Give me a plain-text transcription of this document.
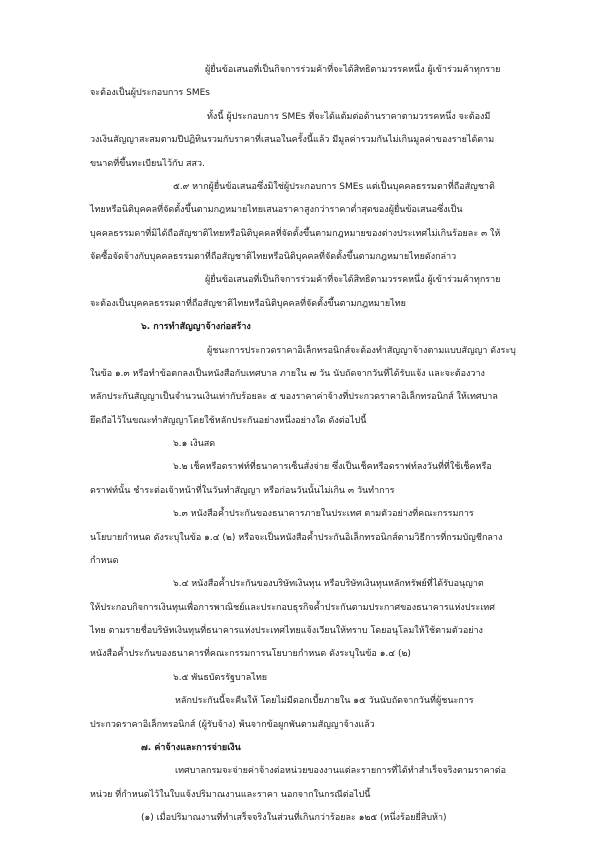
ผู้ยื่นข้อเสนอที่เป็นกิจการร่วมค้าที่จะได้สิทธิตามวรรคหนึ่ง ผู้เข้าร่วมค้าทุกราย
จะต้องเป็นผู้ประกอบการ SMEs
ทั้งนี้ ผู้ประกอบการ SMEs ที่จะได้แต้มต่อด้านราคาตามวรรคหนึ่ง จะต้องมี
วงเงินสัญญาสะสมตามปีปฏิทินรวมกับราคาที่เสนอในครั้งนี้แล้ว มีมูลค่ารวมกันไม่เกินมูลค่าของรายได้ตาม
ขนาดที่ขึ้นทะเบียนไว้กับ สสว.
๕.๙ หากผู้ยื่นข้อเสนอซึ่งมิใช่ผู้ประกอบการ SMEs แต่เป็นบุคคลธรรมดาที่ถือสัญชาติ
ไทยหรือนิติบุคคลที่จัดตั้งขึ้นตามกฎหมายไทยเสนอราคาสูงกว่าราคาต่ำสุดของผู้ยื่นข้อเสนอซึ่งเป็น
บุคคลธรรมดาที่มิได้ถือสัญชาติไทยหรือนิติบุคคลที่จัดตั้งขึ้นตามกฎหมายของต่างประเทศไม่เกินร้อยละ ๓ ให้
จัดซื้อจัดจ้างกับบุคคลธรรมดาที่ถือสัญชาติไทยหรือนิติบุคคลที่จัดตั้งขึ้นตามกฎหมายไทยดังกล่าว
ผู้ยื่นข้อเสนอที่เป็นกิจการร่วมค้าที่จะได้สิทธิตามวรรคหนึ่ง ผู้เข้าร่วมค้าทุกราย
จะต้องเป็นบุคคลธรรมดาที่ถือสัญชาติไทยหรือนิติบุคคลที่จัดตั้งขึ้นตามกฎหมายไทย
๖. การทำสัญญาจ้างก่อสร้าง
ผู้ชนะการประกวดราคาอิเล็กทรอนิกส์จะต้องทำสัญญาจ้างตามแบบสัญญา ดังระบุ
ในข้อ ๑.๓ หรือทำข้อตกลงเป็นหนังสือกับเทศบาล ภายใน ๗ วัน นับถัดจากวันที่ได้รับแจ้ง และจะต้องวาง
หลักประกันสัญญาเป็นจำนวนเงินเท่ากับร้อยละ ๕ ของราคาค่าจ้างที่ประกวดราคาอิเล็กทรอนิกส์ ให้เทศบาล
ยึดถือไว้ในขณะทำสัญญาโดยใช้หลักประกันอย่างหนึ่งอย่างใด ดังต่อไปนี้
๖.๑ เงินสด
๖.๒ เช็คหรือดราฟท์ที่ธนาคารเซ็นสั่งจ่าย ซึ่งเป็นเช็คหรือดราฟท์ลงวันที่ที่ใช้เช็คหรือ
ดราฟท์นั้น ชำระต่อเจ้าหน้าที่ในวันทำสัญญา หรือก่อนวันนั้นไม่เกิน ๓ วันทำการ
๖.๓ หนังสือค้ำประกันของธนาคารภายในประเทศ ตามตัวอย่างที่คณะกรรมการ
นโยบายกำหนด ดังระบุในข้อ ๑.๔ (๒) หรือจะเป็นหนังสือค้ำประกันอิเล็กทรอนิกส์ตามวิธีการที่กรมบัญชีกลาง
กำหนด
๖.๔ หนังสือค้ำประกันของบริษัทเงินทุน หรือบริษัทเงินทุนหลักทรัพย์ที่ได้รับอนุญาต
ให้ประกอบกิจการเงินทุนเพื่อการพาณิชย์และประกอบธุรกิจค้ำประกันตามประกาศของธนาคารแห่งประเทศ
ไทย ตามรายชื่อบริษัทเงินทุนที่ธนาคารแห่งประเทศไทยแจ้งเวียนให้ทราบ โดยอนุโลมให้ใช้ตามตัวอย่าง
หนังสือค้ำประกันของธนาคารที่คณะกรรมการนโยบายกำหนด ดังระบุในข้อ ๑.๔ (๒)
๖.๕ พันธบัตรรัฐบาลไทย
หลักประกันนี้จะคืนให้ โดยไม่มีดอกเบี้ยภายใน ๑๕ วันนับถัดจากวันที่ผู้ชนะการ
ประกวดราคาอิเล็กทรอนิกส์ (ผู้รับจ้าง) พ้นจากข้อผูกพันตามสัญญาจ้างแล้ว
๗. ค่าจ้างและการจ่ายเงิน
เทศบาลกรมจะจ่ายค่าจ้างต่อหน่วยของงานแต่ละรายการที่ได้ทำสำเร็จจริงตามราคาต่อ
หน่วย ที่กำหนดไว้ในใบแจ้งปริมาณงานและราคา นอกจากในกรณีต่อไปนี้
(๑) เมื่อปริมาณงานที่ทำเสร็จจริงในส่วนที่เกินกว่าร้อยละ ๑๒๕ (หนึ่งร้อยยี่สิบห้า)
